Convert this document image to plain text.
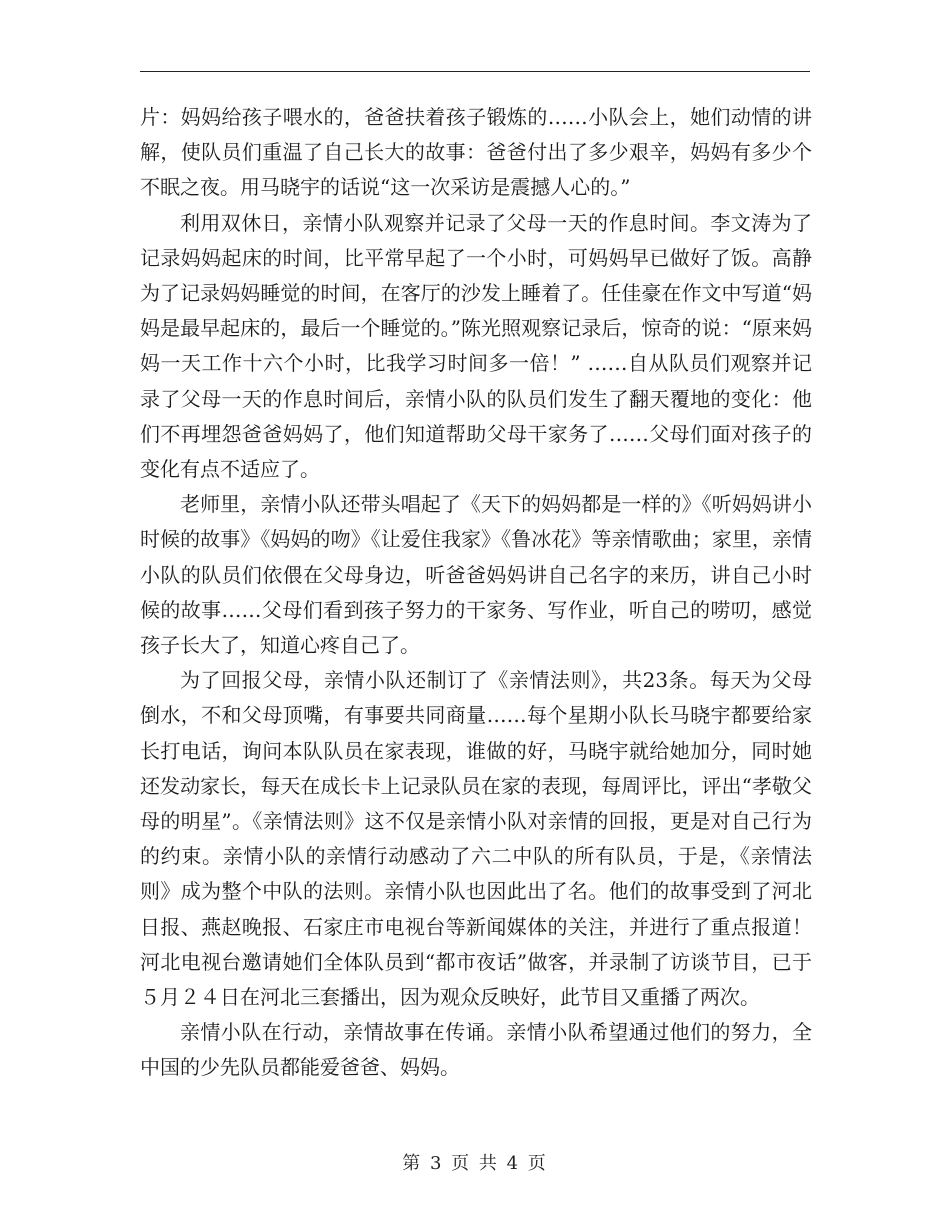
片：妈妈给孩子喂水的，爸爸扶着孩子锻炼的……小队会上，她们动情的讲解，使队员们重温了自己长大的故事：爸爸付出了多少艰辛，妈妈有多少个不眠之夜。用马晓宇的话说“这一次采访是震撼人心的。”

利用双休日，亲情小队观察并记录了父母一天的作息时间。李文涛为了记录妈妈起床的时间，比平常早起了一个小时，可妈妈早已做好了饭。高静为了记录妈妈睡觉的时间，在客厅的沙发上睡着了。任佳豪在作文中写道“妈妈是最早起床的，最后一个睡觉的。”陈光照观察记录后，惊奇的说：“原来妈妈一天工作十六个小时，比我学习时间多一倍！” ……自从队员们观察并记录了父母一天的作息时间后，亲情小队的队员们发生了翻天覆地的变化：他们不再埋怨爸爸妈妈了，他们知道帮助父母干家务了……父母们面对孩子的变化有点不适应了。

老师里，亲情小队还带头唱起了《天下的妈妈都是一样的》《听妈妈讲小时候的故事》《妈妈的吻》《让爱住我家》《鲁冰花》等亲情歌曲；家里，亲情小队的队员们依偎在父母身边，听爸爸妈妈讲自己名字的来历，讲自己小时候的故事……父母们看到孩子努力的干家务、写作业，听自己的唠叨，感觉孩子长大了，知道心疼自己了。

为了回报父母，亲情小队还制订了《亲情法则》，共23条。每天为父母倒水，不和父母顶嘴，有事要共同商量……每个星期小队长马晓宇都要给家长打电话，询问本队队员在家表现，谁做的好，马晓宇就给她加分，同时她还发动家长，每天在成长卡上记录队员在家的表现，每周评比，评出“孝敬父母的明星”。《亲情法则》这不仅是亲情小队对亲情的回报，更是对自己行为的约束。亲情小队的亲情行动感动了六二中队的所有队员，于是，《亲情法则》成为整个中队的法则。亲情小队也因此出了名。他们的故事受到了河北日报、燕赵晚报、石家庄市电视台等新闻媒体的关注，并进行了重点报道！河北电视台邀请她们全体队员到“都市夜话”做客，并录制了访谈节目，已于５月２４日在河北三套播出，因为观众反映好，此节目又重播了两次。

亲情小队在行动，亲情故事在传诵。亲情小队希望通过他们的努力，全中国的少先队员都能爱爸爸、妈妈。

第 3 页 共 4 页
